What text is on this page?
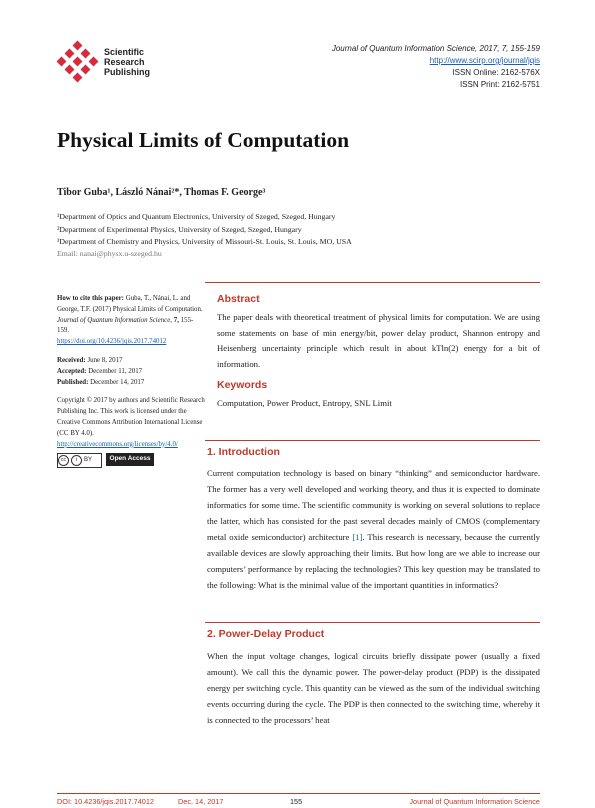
Scientific
Research
Publishing
Journal of Quantum Information Science, 2017, 7, 155-159
http://www.scirp.org/journal/jqis
ISSN Online: 2162-576X
ISSN Print: 2162-5751
Physical Limits of Computation
Tibor Guba¹, László Nánai²*, Thomas F. George³
¹Department of Optics and Quantum Electronics, University of Szeged, Szeged, Hungary
²Department of Experimental Physics, University of Szeged, Szeged, Hungary
³Department of Chemistry and Physics, University of Missouri-St. Louis, St. Louis, MO, USA
Email: nanai@physx.u-szeged.hu
How to cite this paper: Guba, T., Nánai, L. and George, T.F. (2017) Physical Limits of Computation. Journal of Quantum Information Science, 7, 155-159.
https://doi.org/10.4236/jqis.2017.74012
Received: June 8, 2017
Accepted: December 11, 2017
Published: December 14, 2017
Copyright © 2017 by authors and Scientific Research Publishing Inc. This work is licensed under the Creative Commons Attribution International License (CC BY 4.0).
http://creativecommons.org/licenses/by/4.0/
cc	i	BY	Open Access
Abstract

The paper deals with theoretical treatment of physical limits for computation. We are using some statements on base of min energy/bit, power delay product, Shannon entropy and Heisenberg uncertainty principle which result in about kTln(2) energy for a bit of information.

Keywords

Computation, Power Product, Entropy, SNL Limit

1. Introduction
Current computation technology is based on binary “thinking” and semiconductor hardware. The former has a very well developed and working theory, and thus it is expected to dominate informatics for some time. The scientific community is working on several solutions to replace the latter, which has consisted for the past several decades mainly of CMOS (complementary metal oxide semiconductor) architecture [1]. This research is necessary, because the currently available devices are slowly approaching their limits. But how long are we able to increase our computers’ performance by replacing the technologies? This key question may be translated to the following: What is the minimal value of the important quantities in informatics?
2. Power-Delay Product
When the input voltage changes, logical circuits briefly dissipate power (usually a fixed amount). We call this the dynamic power. The power-delay product (PDP) is the dissipated energy per switching cycle. This quantity can be viewed as the sum of the individual switching events occurring during the cycle. The PDP is then connected to the switching time, whereby it is connected to the processors’ heat
DOI: 10.4236/jqis.2017.74012	Dec. 14, 2017	155	Journal of Quantum Information Science
